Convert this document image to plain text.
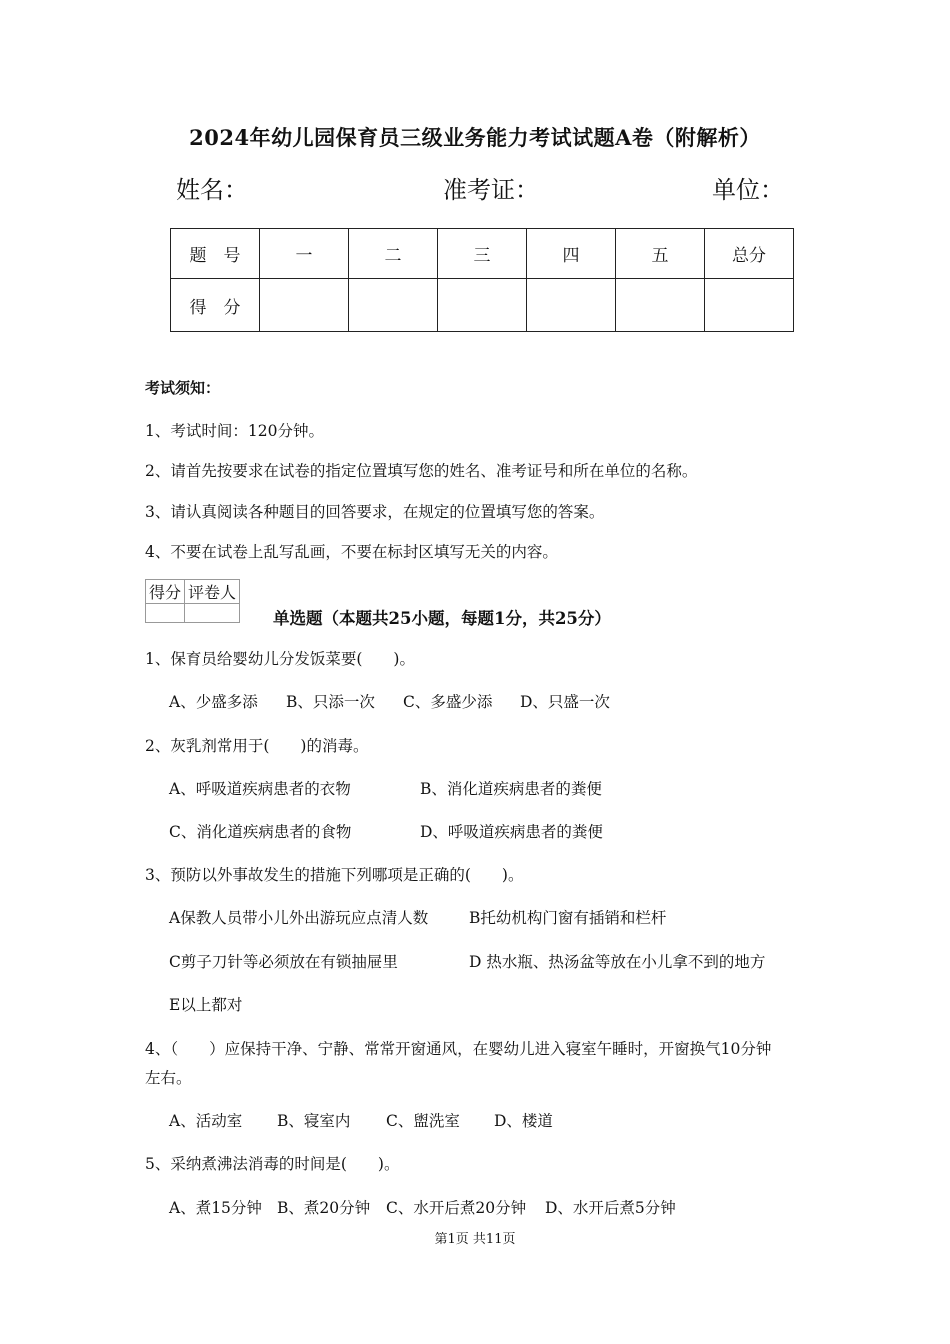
2024年幼儿园保育员三级业务能力考试试题A卷（附解析）
姓名：	准考证：	单位：
题　号	一	二	三	四	五	总分
得　分						
考试须知：
1、考试时间：120分钟。
2、请首先按要求在试卷的指定位置填写您的姓名、准考证号和所在单位的名称。
3、请认真阅读各种题目的回答要求，在规定的位置填写您的答案。
4、不要在试卷上乱写乱画，不要在标封区填写无关的内容。
得分	评卷人

单选题（本题共25小题，每题1分，共25分）
1、保育员给婴幼儿分发饭菜要(　　)。
A、少盛多添 B、只添一次 C、多盛少添 D、只盛一次
2、灰乳剂常用于(　　)的消毒。
A、呼吸道疾病患者的衣物	B、消化道疾病患者的粪便
C、消化道疾病患者的食物	D、呼吸道疾病患者的粪便
3、预防以外事故发生的措施下列哪项是正确的(　　)。
A保教人员带小儿外出游玩应点清人数	B托幼机构门窗有插销和栏杆
C剪子刀针等必须放在有锁抽屉里	D 热水瓶、热汤盆等放在小儿拿不到的地方
E以上都对
4、（　　）应保持干净、宁静、常常开窗通风，在婴幼儿进入寝室午睡时，开窗换气10分钟
左右。
A、活动室 B、寝室内 C、盥洗室 D、楼道
5、采纳煮沸法消毒的时间是(　　)。
A、煮15分钟 B、煮20分钟 C、水开后煮20分钟 D、水开后煮5分钟
第1页 共11页
